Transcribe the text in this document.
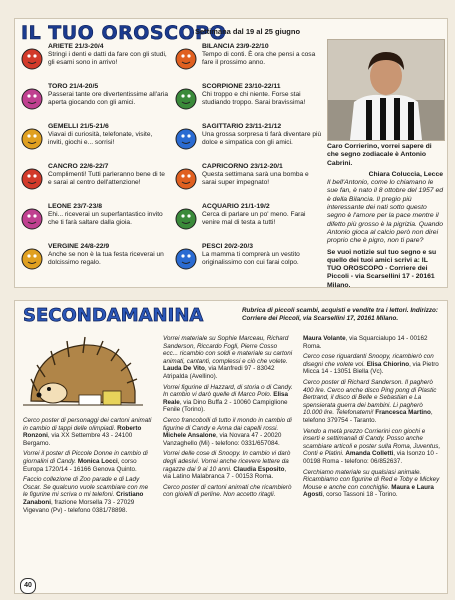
IL TUO OROSCOPO
Settimana dal 19 al 25 giugno
ARIETE 21/3-20/4
Stringi i denti e datti da fare con gli studi, gli esami sono in arrivo!
BILANCIA 23/9-22/10
Tempo di conti. È ora che pensi a cosa fare il prossimo anno.
TORO 21/4-20/5
Passerai tante ore divertentissime all'aria aperta giocando con gli amici.
SCORPIONE 23/10-22/11
Chi troppo e chi niente. Forse stai studiando troppo. Sarai bravissima!
GEMELLI 21/5-21/6
Viavai di curiosità, telefonate, visite, inviti, giochi e... sorrisi!
SAGITTARIO 23/11-21/12
Una grossa sorpresa ti farà diventare più dolce e simpatica con gli amici.
CANCRO 22/6-22/7
Complimenti! Tutti parleranno bene di te e sarai al centro dell'attenzione!
CAPRICORNO 23/12-20/1
Questa settimana sarà una bomba e sarai super impegnato!
LEONE 23/7-23/8
Ehi... riceverai un superfantastico invito che ti farà saltare dalla gioia.
ACQUARIO 21/1-19/2
Cerca di parlare un po' meno. Farai venire mal di testa a tutti!
VERGINE 24/8-22/9
Anche se non è la tua festa riceverai un dolcissimo regalo.
PESCI 20/2-20/3
La mamma ti comprerà un vestito originalissimo con cui farai colpo.

Caro Corrierino, vorrei sapere di che segno zodiacale è Antonio Cabrini.

Chiara Coluccia, Lecce

Il bell'Antonio, come lo chiamano le sue fan, è nato il 8 ottobre del 1957 ed è della Bilancia. Il pregio più interessante dei nati sotto questo segno è l'amore per la pace mentre il difetto più grosso è la pigrizia. Quando Antonio gioca al calcio però non direi proprio che è pigro, non ti pare?

Se vuoi notizie sul tuo segno e su quello dei tuoi amici scrivi a: IL TUO OROSCOPO - Corriere dei Piccoli - via Scarsellini 17 - 20161 Milano.

SECONDAMANINA	Rubrica di piccoli scambi, acquisti e vendite tra i lettori. Indirizzo: Corriere dei Piccoli, via Scarsellini 17, 20161 Milano.

Cerco poster di personaggi dei cartoni animati in cambio di tappi delle olimpiadi. Roberto Ronzoni, via XX Settembre 43 - 24100 Bergamo.

Vorrei il poster di Piccole Donne in cambio di giornalini di Candy. Monica Locci, corso Europa 1720/14 - 16166 Genova Quinto.

Faccio collezione di Zoo parade e di Lady Oscar. Se qualcuno vuole scambiare con me le figurine mi scriva o mi telefoni. Cristiano Zanaboni, frazione Morsella 73 - 27029 Vigevano (Pv) - telefono 0381/78898.

Vorrei materiale su Sophie Marceau, Richard Sanderson, Riccardo Fogli, Pierre Cosso ecc... ricambio con soldi e materiale su cartoni animati, cantanti, complessi e ciò che volete. Lauda De Vito, via Manfredi 97 - 83042 Atripalda (Avellino).

Vorrei figurine di Hazzard, di storia o di Candy. In cambio vi darò quelle di Marco Polo. Elisa Reale, via Dino Buffa 2 - 10060 Campiglione Fenile (Torino).

Cerco francobolli di tutto il mondo in cambio di figurine di Candy e Anna dai capelli rossi. Michele Ansalone, via Novara 47 - 20020 Vanzaghello (Mi) - telefono: 0331/657084.

Vorrei delle cose di Snoopy. In cambio vi darò degli adesivi. Vorrei anche ricevere lettere da ragazze dai 9 ai 10 anni. Claudia Esposito, via Latino Malabranca 7 - 00153 Roma.

Cerco poster di cartoni animati che ricambierò con gioielli di perline. Non accetto ritagli.

Maura Volante, via Squarcialupo 14 - 00162 Roma.

Cerco cose riguardanti Snoopy, ricambierò con disegni che volete voi. Elisa Chiorino, via Pietro Micca 14 - 13051 Biella (Vc).

Cerco poster di Richard Sanderson. Il pagherò 400 lire. Cerco anche disco Ping pong di Plastic Bertrand, il disco di Belle e Sebastian e La spensierata guerra dei bambini. Li pagherò 10.000 lire. Telefonatemi! Francesca Martino, telefono 379754 - Taranto.

Vendo a metà prezzo Corrierini con giochi e inserti e settimanali di Candy. Posso anche scambiare articoli e poster sulla Roma, Juventus, Conti e Platini. Amanda Colletti, via Isonzo 10 - 00198 Roma - telefono: 06/852637.

Cerchiamo materiale su qualsiasi animale. Ricambiamo con figurine di Red e Toby e Mickey Mouse e anche con conchiglie. Maura e Laura Agosti, corso Tassoni 18 - Torino.

40
